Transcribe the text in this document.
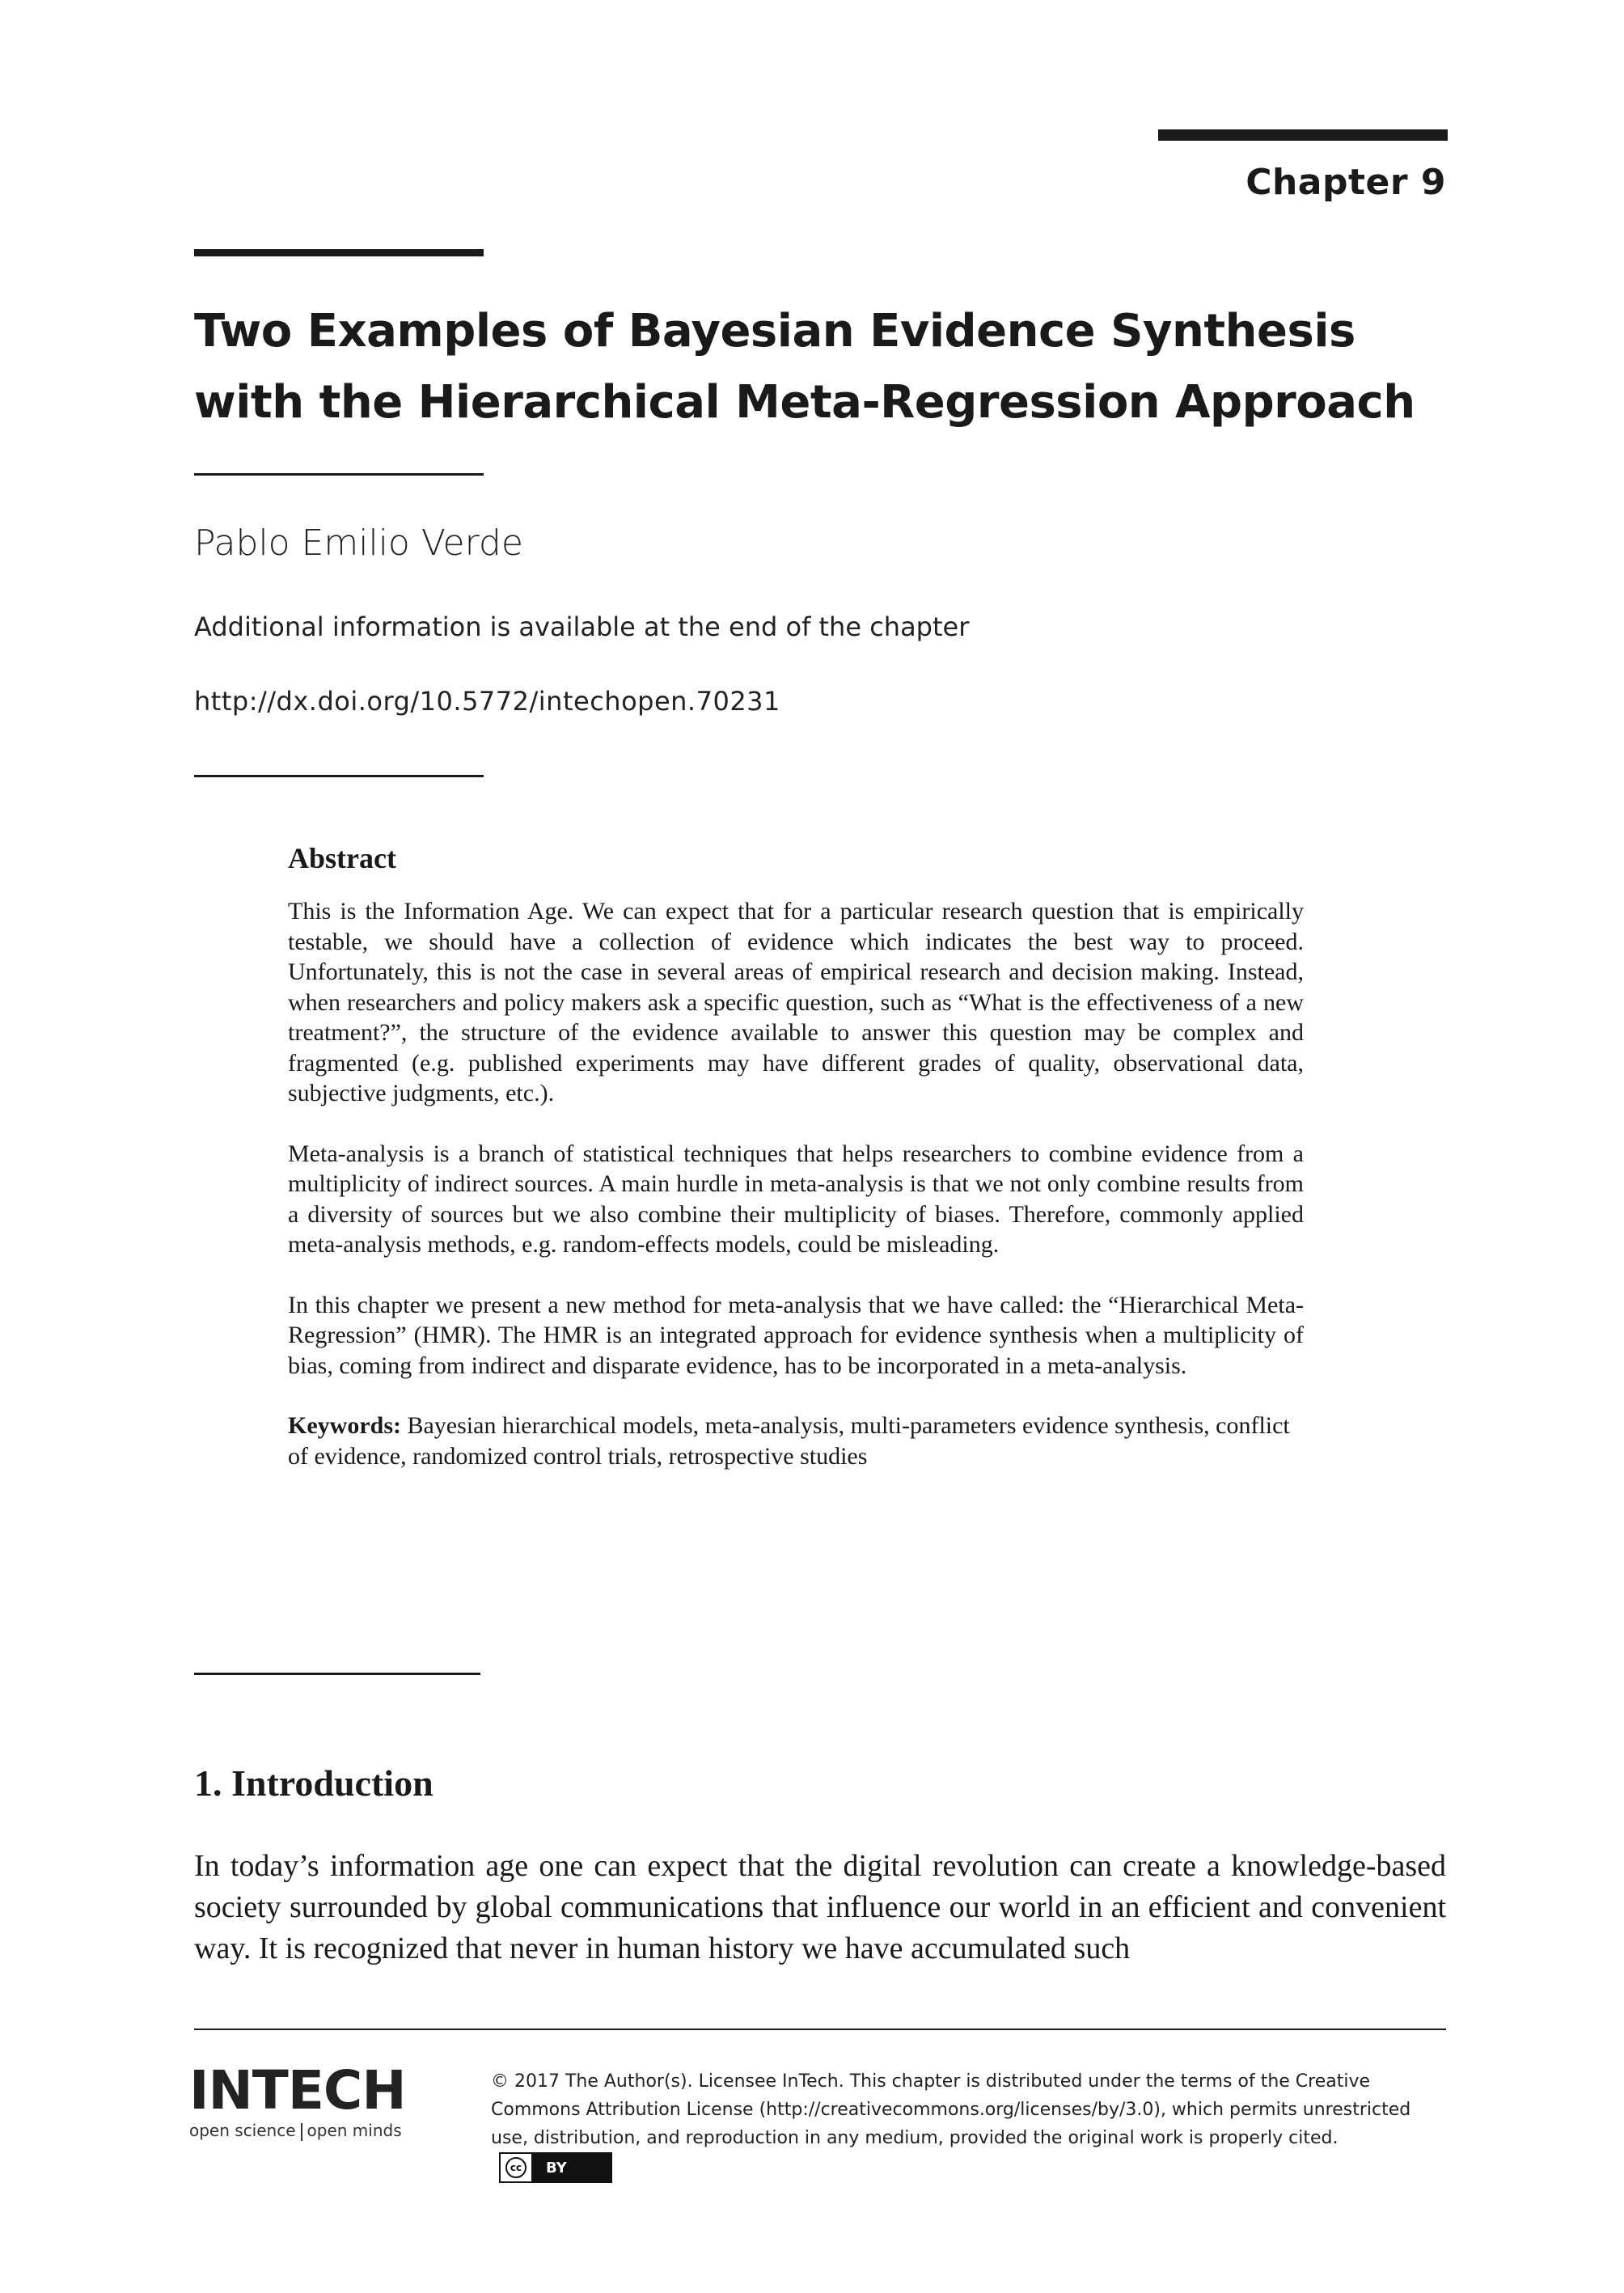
Chapter 9
Two Examples of Bayesian Evidence Synthesis with the Hierarchical Meta-Regression Approach
Pablo Emilio Verde
Additional information is available at the end of the chapter
http://dx.doi.org/10.5772/intechopen.70231
Abstract

This is the Information Age. We can expect that for a particular research question that is empirically testable, we should have a collection of evidence which indicates the best way to proceed. Unfortunately, this is not the case in several areas of empirical research and decision making. Instead, when researchers and policy makers ask a specific question, such as “What is the effectiveness of a new treatment?”, the structure of the evidence available to answer this question may be complex and fragmented (e.g. published experiments may have different grades of quality, observational data, subjective judgments, etc.).

Meta-analysis is a branch of statistical techniques that helps researchers to combine evidence from a multiplicity of indirect sources. A main hurdle in meta-analysis is that we not only combine results from a diversity of sources but we also combine their multiplicity of biases. Therefore, commonly applied meta-analysis methods, e.g. random-effects models, could be misleading.

In this chapter we present a new method for meta-analysis that we have called: the “Hierarchical Meta-Regression” (HMR). The HMR is an integrated approach for evidence synthesis when a multiplicity of bias, coming from indirect and disparate evidence, has to be incorporated in a meta-analysis.

Keywords: Bayesian hierarchical models, meta-analysis, multi-parameters evidence synthesis, conflict of evidence, randomized control trials, retrospective studies

1. Introduction

In today’s information age one can expect that the digital revolution can create a knowledge-based society surrounded by global communications that influence our world in an efficient and convenient way. It is recognized that never in human history we have accumulated such

INTECH
open science open minds
© 2017 The Author(s). Licensee InTech. This chapter is distributed under the terms of the Creative Commons Attribution License (http://creativecommons.org/licenses/by/3.0), which permits unrestricted use, distribution, and reproduction in any medium, provided the original work is properly cited.
cc	BY
